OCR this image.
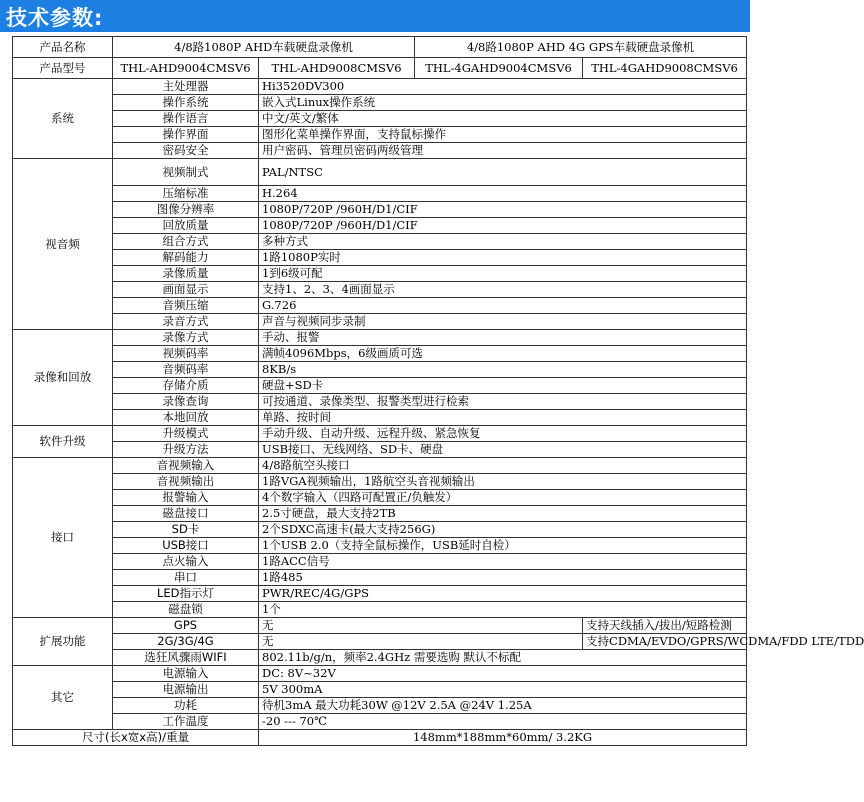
技术参数:
产品名称	4/8路1080P AHD车载硬盘录像机		4/8路1080P AHD 4G GPS车载硬盘录像机	
产品型号	THL-AHD9004CMSV6	THL-AHD9008CMSV6	THL-4GAHD9004CMSV6	THL-4GAHD9008CMSV6
系统	主处理器	Hi3520DV300		
	操作系统	嵌入式Linux操作系统		
	操作语言	中文/英文/繁体		
	操作界面	图形化菜单操作界面，支持鼠标操作		
	密码安全	用户密码、管理员密码两级管理		
视音频	视频制式	PAL/NTSC		
	压缩标准	H.264		
	图像分辨率	1080P/720P /960H/D1/CIF		
	回放质量	1080P/720P /960H/D1/CIF		
	组合方式	多种方式		
	解码能力	1路1080P实时		
	录像质量	1到6级可配		
	画面显示	支持1、2、3、4画面显示		
	音频压缩	G.726		
	录音方式	声音与视频同步录制		
录像和回放	录像方式	手动、报警		
	视频码率	满帧4096Mbps，6级画质可选		
	音频码率	8KB/s		
	存储介质	硬盘+SD卡		
	录像查询	可按通道、录像类型、报警类型进行检索		
	本地回放	单路、按时间		
软件升级	升级模式	手动升级、自动升级、远程升级、紧急恢复		
	升级方法	USB接口、无线网络、SD卡、硬盘		
接口	音视频输入	4/8路航空头接口		
	音视频输出	1路VGA视频输出，1路航空头音视频输出		
	报警输入	4个数字输入（四路可配置正/负触发）		
	磁盘接口	2.5寸硬盘，最大支持2TB		
	SD卡	2个SDXC高速卡(最大支持256G)		
	USB接口	1个USB 2.0（支持全鼠标操作，USB延时自检）		
	点火输入	1路ACC信号		
	串口	1路485		
	LED指示灯	PWR/REC/4G/GPS		
	磁盘锁	1个		
扩展功能	GPS	无		支持天线插入/拔出/短路检测
	2G/3G/4G	无		支持CDMA/EVDO/GPRS/WCDMA/FDD LTE/TDD
	选狂风骤雨WIFI	802.11b/g/n，频率2.4GHz 需要选购 默认不标配		
其它	电源输入	DC: 8V~32V		
	电源输出	5V 300mA		
	功耗	待机3mA 最大功耗30W @12V 2.5A @24V 1.25A		
	工作温度	-20 --- 70℃		
尺寸(长x宽x高)/重量		148mm*188mm*60mm/ 3.2KG		
